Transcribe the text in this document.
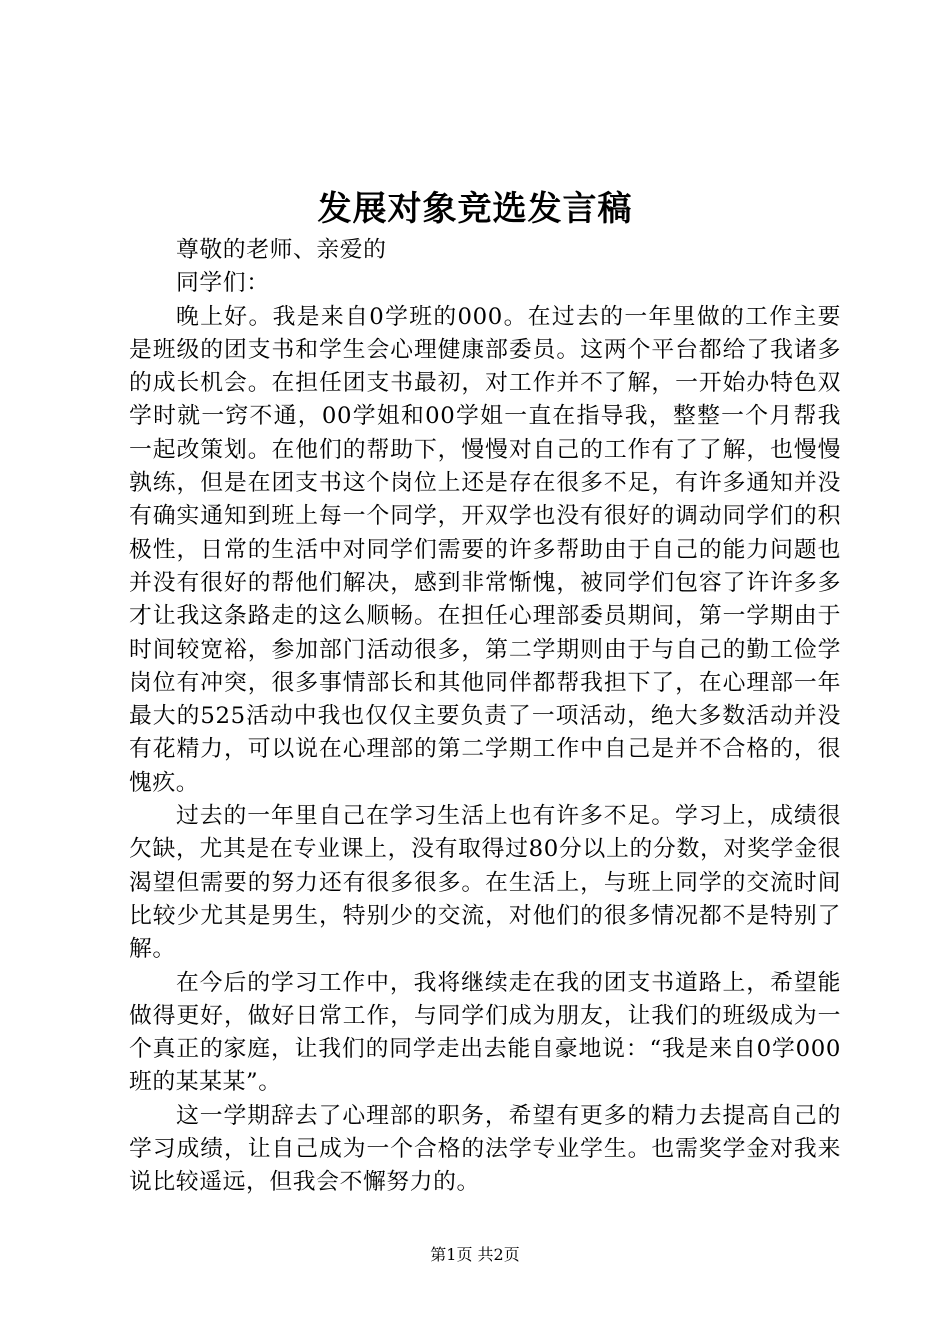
发展对象竞选发言稿

尊敬的老师、亲爱的

同学们：

晚上好。我是来自0学班的000。在过去的一年里做的工作主要是班级的团支书和学生会心理健康部委员。这两个平台都给了我诸多的成长机会。在担任团支书最初，对工作并不了解，一开始办特色双学时就一窍不通，00学姐和00学姐一直在指导我，整整一个月帮我一起改策划。在他们的帮助下，慢慢对自己的工作有了了解，也慢慢孰练，但是在团支书这个岗位上还是存在很多不足，有许多通知并没有确实通知到班上每一个同学，开双学也没有很好的调动同学们的积极性，日常的生活中对同学们需要的许多帮助由于自己的能力问题也并没有很好的帮他们解决，感到非常惭愧，被同学们包容了许许多多才让我这条路走的这么顺畅。在担任心理部委员期间，第一学期由于时间较宽裕，参加部门活动很多，第二学期则由于与自己的勤工俭学岗位有冲突，很多事情部长和其他同伴都帮我担下了，在心理部一年最大的525活动中我也仅仅主要负责了一项活动，绝大多数活动并没有花精力，可以说在心理部的第二学期工作中自己是并不合格的，很愧疚。

过去的一年里自己在学习生活上也有许多不足。学习上，成绩很欠缺，尤其是在专业课上，没有取得过80分以上的分数，对奖学金很渴望但需要的努力还有很多很多。在生活上，与班上同学的交流时间比较少尤其是男生，特别少的交流，对他们的很多情况都不是特别了解。

在今后的学习工作中，我将继续走在我的团支书道路上，希望能做得更好，做好日常工作，与同学们成为朋友，让我们的班级成为一个真正的家庭，让我们的同学走出去能自豪地说：“我是来自0学000班的某某某”。

这一学期辞去了心理部的职务，希望有更多的精力去提高自己的学习成绩，让自己成为一个合格的法学专业学生。也需奖学金对我来说比较遥远，但我会不懈努力的。

第1页 共2页
